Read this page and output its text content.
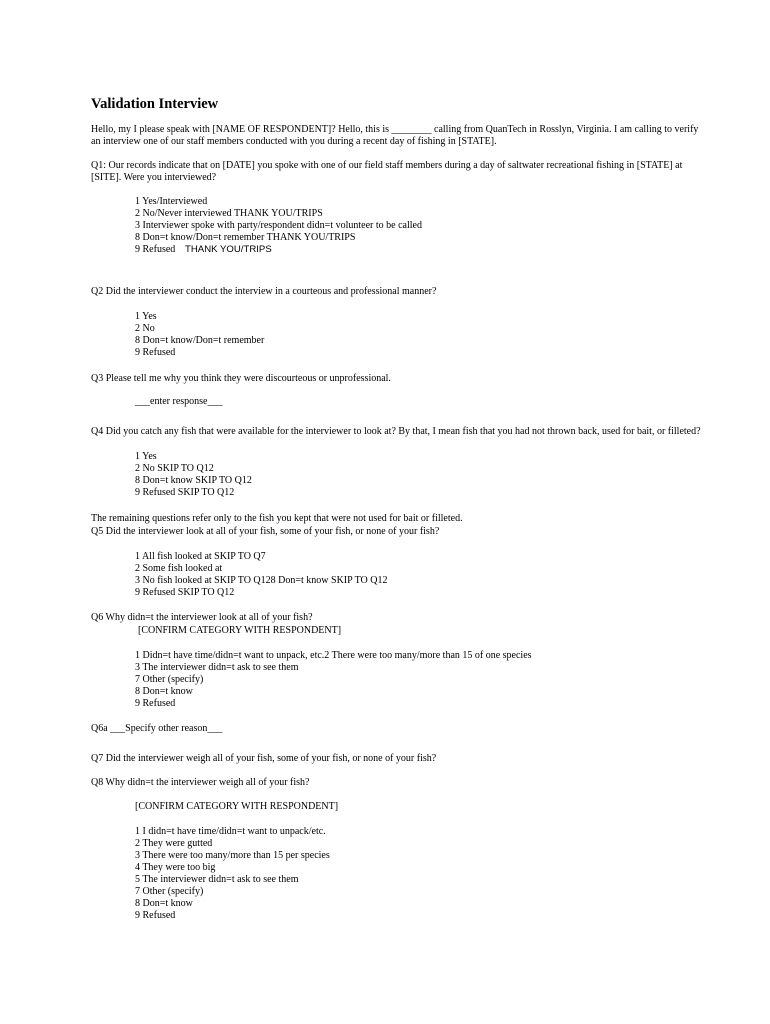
Validation Interview
Hello, my I please speak with [NAME OF RESPONDENT]? Hello, this is ________ calling from QuanTech in Rosslyn, Virginia. I am calling to verify
an interview one of our staff members conducted with you during a recent day of fishing in [STATE].
Q1: Our records indicate that on [DATE] you spoke with one of our field staff members during a day of saltwater recreational fishing in [STATE] at
[SITE]. Were you interviewed?
1 Yes/Interviewed
2 No/Never interviewed THANK YOU/TRIPS
3 Interviewer spoke with party/respondent didn=t volunteer to be called
8 Don=t know/Don=t remember THANK YOU/TRIPS
9 Refused THANK YOU/TRIPS
Q2 Did the interviewer conduct the interview in a courteous and professional manner?
1 Yes
2 No
8 Don=t know/Don=t remember
9 Refused
Q3 Please tell me why you think they were discourteous or unprofessional.
___enter response___
Q4 Did you catch any fish that were available for the interviewer to look at? By that, I mean fish that you had not thrown back, used for bait, or filleted?
1 Yes
2 No SKIP TO Q12
8 Don=t know SKIP TO Q12
9 Refused SKIP TO Q12
The remaining questions refer only to the fish you kept that were not used for bait or filleted.
Q5 Did the interviewer look at all of your fish, some of your fish, or none of your fish?
1 All fish looked at SKIP TO Q7
2 Some fish looked at
3 No fish looked at SKIP TO Q128 Don=t know SKIP TO Q12
9 Refused SKIP TO Q12
Q6 Why didn=t the interviewer look at all of your fish?
[CONFIRM CATEGORY WITH RESPONDENT]
1 Didn=t have time/didn=t want to unpack, etc.2 There were too many/more than 15 of one species
3 The interviewer didn=t ask to see them
7 Other (specify)
8 Don=t know
9 Refused
Q6a ___Specify other reason___
Q7 Did the interviewer weigh all of your fish, some of your fish, or none of your fish?
Q8 Why didn=t the interviewer weigh all of your fish?
[CONFIRM CATEGORY WITH RESPONDENT]
1 I didn=t have time/didn=t want to unpack/etc.
2 They were gutted
3 There were too many/more than 15 per species
4 They were too big
5 The interviewer didn=t ask to see them
7 Other (specify)
8 Don=t know
9 Refused
